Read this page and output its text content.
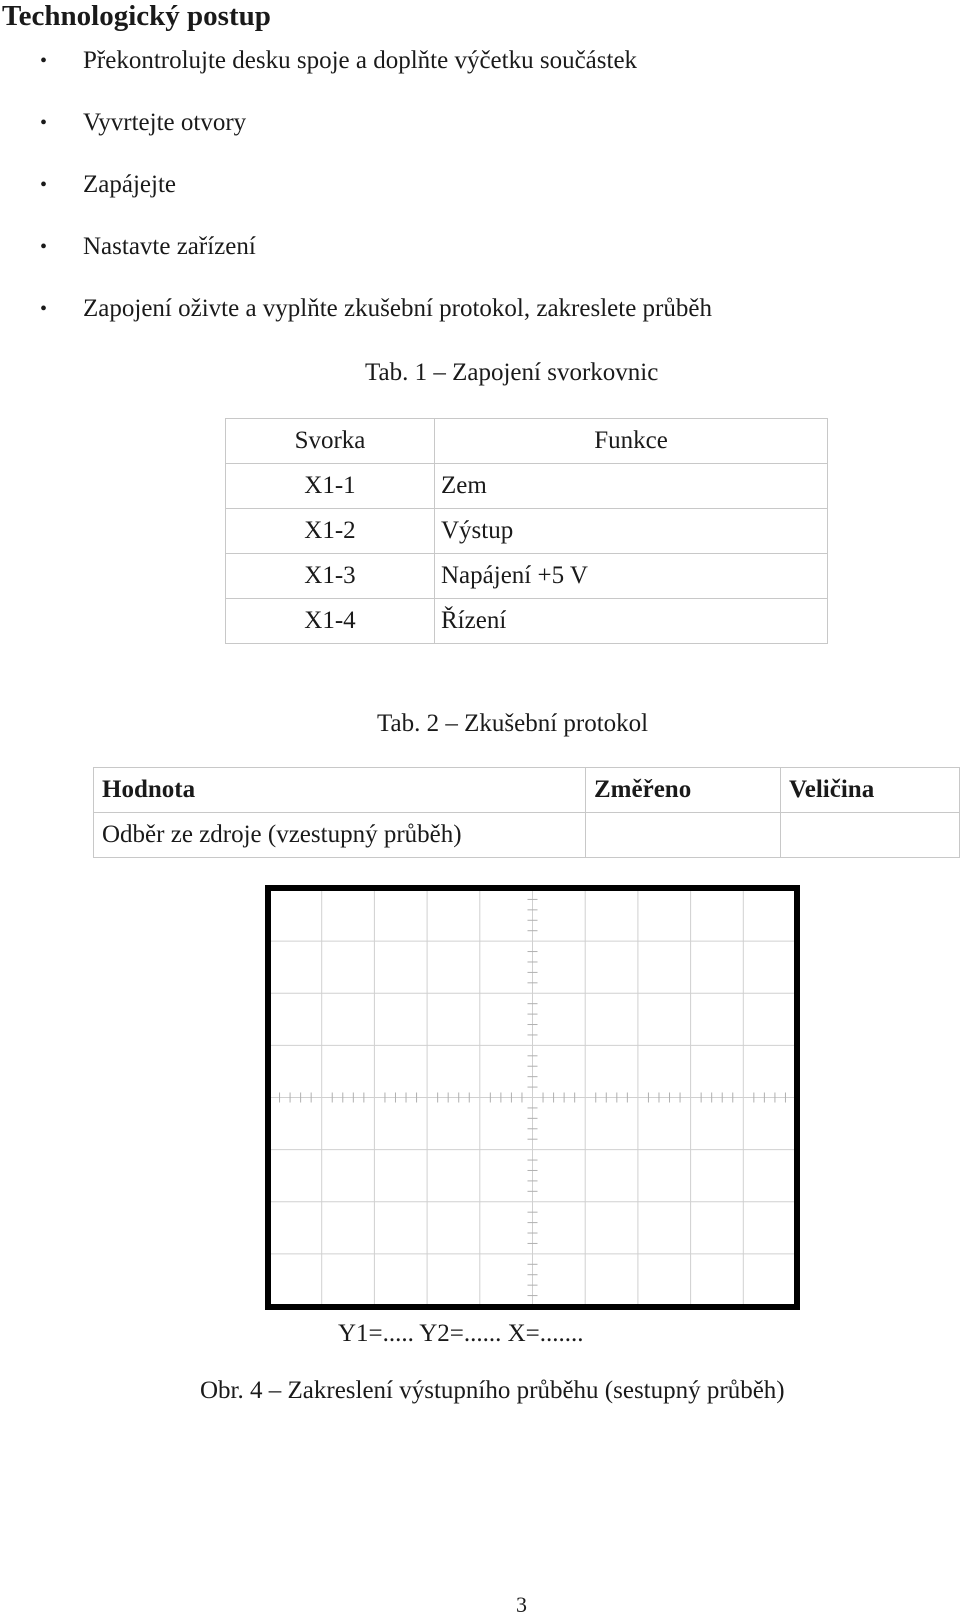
Technologický postup
• Překontrolujte desku spoje a doplňte výčetku součástek
• Vyvrtejte otvory
• Zapájejte
• Nastavte zařízení
• Zapojení oživte a vyplňte zkušební protokol, zakreslete průběh
Tab. 1 – Zapojení svorkovnic
Svorka	Funkce
X1-1	Zem
X1-2	Výstup
X1-3	Napájení +5 V
X1-4	Řízení
Tab. 2 – Zkušební protokol
Hodnota	Změřeno	Veličina
Odběr ze zdroje (vzestupný průběh)		
Y1=..... Y2=...... X=.......
Obr. 4 – Zakreslení výstupního průběhu (sestupný průběh)
3
